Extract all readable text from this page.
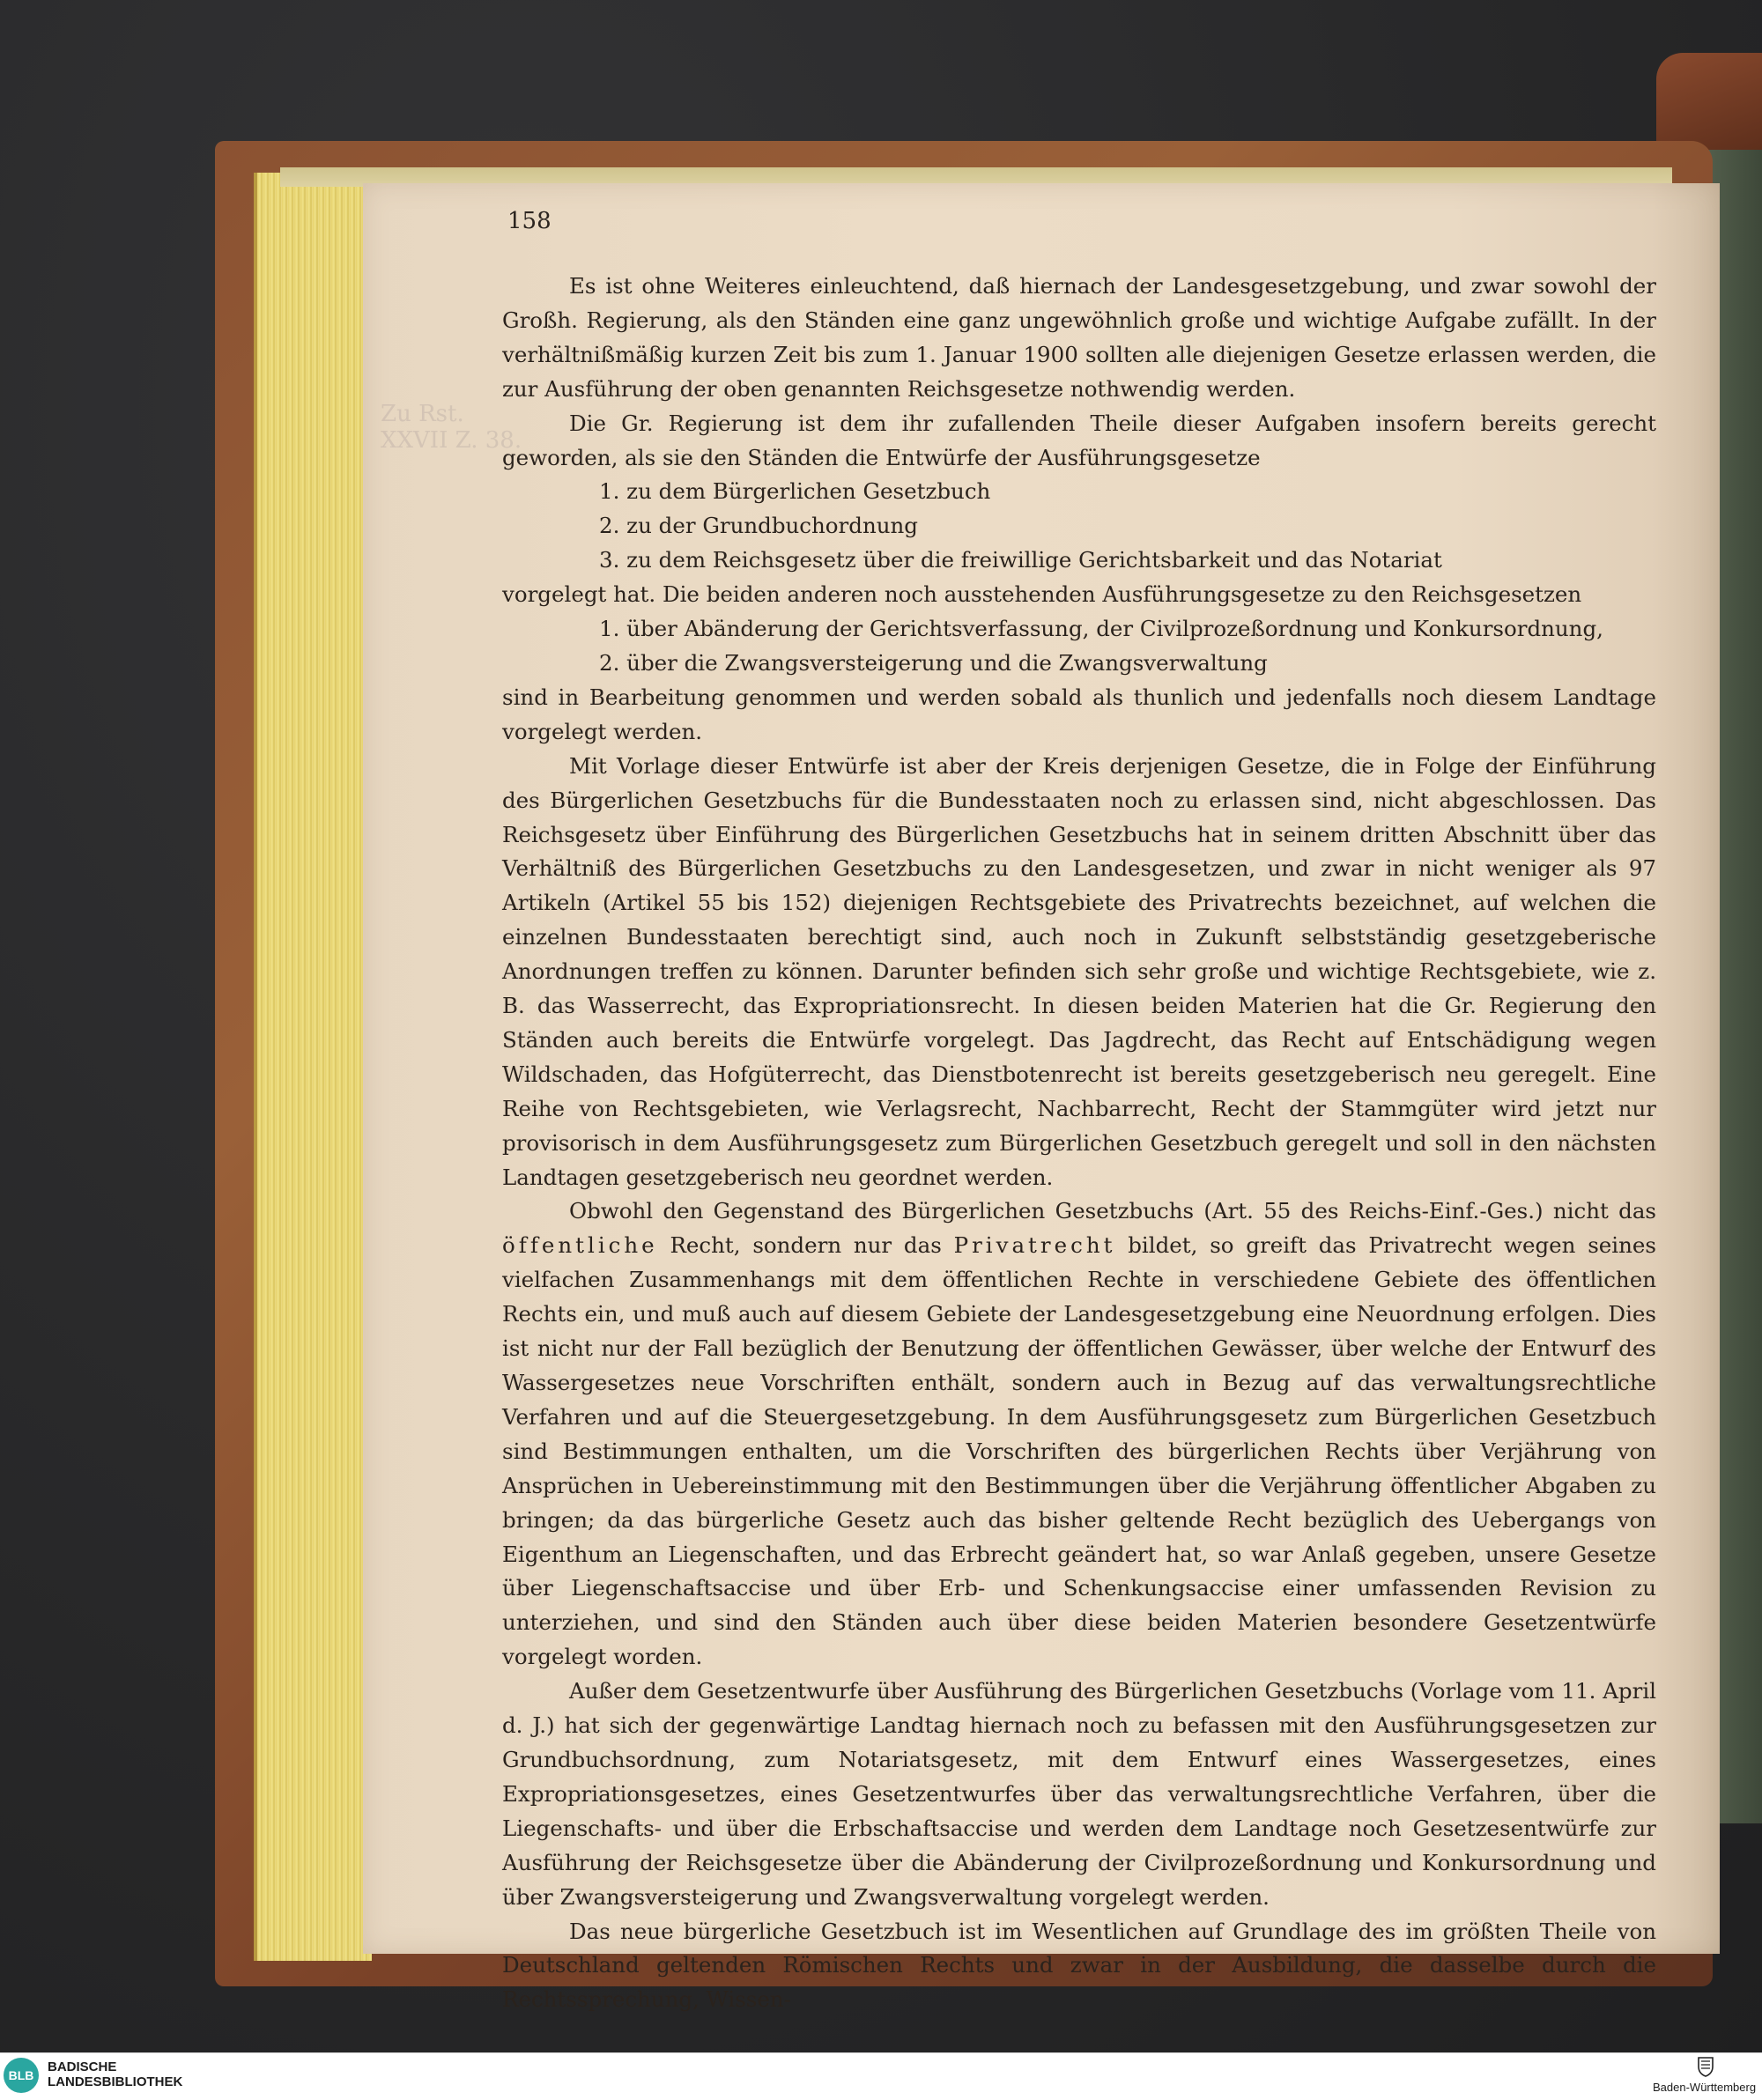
Zu Rst.
XXVII Z. 38.
158

Es ist ohne Weiteres einleuchtend, daß hiernach der Landesgesetzgebung, und zwar sowohl der Großh. Regierung, als den Ständen eine ganz ungewöhnlich große und wichtige Aufgabe zufällt. In der verhältnißmäßig kurzen Zeit bis zum 1. Januar 1900 sollten alle diejenigen Gesetze erlassen werden, die zur Ausführung der oben genannten Reichsgesetze nothwendig werden.

Die Gr. Regierung ist dem ihr zufallenden Theile dieser Aufgaben insofern bereits gerecht geworden, als sie den Ständen die Entwürfe der Ausführungsgesetze

1. zu dem Bürgerlichen Gesetzbuch

2. zu der Grundbuchordnung

3. zu dem Reichsgesetz über die freiwillige Gerichtsbarkeit und das Notariat

vorgelegt hat. Die beiden anderen noch ausstehenden Ausführungsgesetze zu den Reichsgesetzen

1. über Abänderung der Gerichtsverfassung, der Civilprozeßordnung und Konkursordnung,

2. über die Zwangsversteigerung und die Zwangsverwaltung

sind in Bearbeitung genommen und werden sobald als thunlich und jedenfalls noch diesem Landtage vorgelegt werden.

Mit Vorlage dieser Entwürfe ist aber der Kreis derjenigen Gesetze, die in Folge der Einführung des Bürgerlichen Gesetzbuchs für die Bundesstaaten noch zu erlassen sind, nicht abgeschlossen. Das Reichsgesetz über Einführung des Bürgerlichen Gesetzbuchs hat in seinem dritten Abschnitt über das Verhältniß des Bürgerlichen Gesetzbuchs zu den Landesgesetzen, und zwar in nicht weniger als 97 Artikeln (Artikel 55 bis 152) diejenigen Rechtsgebiete des Privatrechts bezeichnet, auf welchen die einzelnen Bundesstaaten berechtigt sind, auch noch in Zukunft selbstständig gesetzgeberische Anordnungen treffen zu können. Darunter befinden sich sehr große und wichtige Rechtsgebiete, wie z. B. das Wasserrecht, das Expropriationsrecht. In diesen beiden Materien hat die Gr. Regierung den Ständen auch bereits die Entwürfe vorgelegt. Das Jagdrecht, das Recht auf Entschädigung wegen Wildschaden, das Hofgüterrecht, das Dienstbotenrecht ist bereits gesetzgeberisch neu geregelt. Eine Reihe von Rechtsgebieten, wie Verlagsrecht, Nachbarrecht, Recht der Stammgüter wird jetzt nur provisorisch in dem Ausführungsgesetz zum Bürgerlichen Gesetzbuch geregelt und soll in den nächsten Landtagen gesetzgeberisch neu geordnet werden.

Obwohl den Gegenstand des Bürgerlichen Gesetzbuchs (Art. 55 des Reichs-Einf.-Ges.) nicht das öffentliche Recht, sondern nur das Privatrecht bildet, so greift das Privatrecht wegen seines vielfachen Zusammenhangs mit dem öffentlichen Rechte in verschiedene Gebiete des öffentlichen Rechts ein, und muß auch auf diesem Gebiete der Landesgesetzgebung eine Neuordnung erfolgen. Dies ist nicht nur der Fall bezüglich der Benutzung der öffentlichen Gewässer, über welche der Entwurf des Wassergesetzes neue Vorschriften enthält, sondern auch in Bezug auf das verwaltungsrechtliche Verfahren und auf die Steuergesetzgebung. In dem Ausführungsgesetz zum Bürgerlichen Gesetzbuch sind Bestimmungen enthalten, um die Vorschriften des bürgerlichen Rechts über Verjährung von Ansprüchen in Uebereinstimmung mit den Bestimmungen über die Verjährung öffentlicher Abgaben zu bringen; da das bürgerliche Gesetz auch das bisher geltende Recht bezüglich des Uebergangs von Eigenthum an Liegenschaften, und das Erbrecht geändert hat, so war Anlaß gegeben, unsere Gesetze über Liegenschaftsaccise und über Erb- und Schenkungsaccise einer umfassenden Revision zu unterziehen, und sind den Ständen auch über diese beiden Materien besondere Gesetzentwürfe vorgelegt worden.

Außer dem Gesetzentwurfe über Ausführung des Bürgerlichen Gesetzbuchs (Vorlage vom 11. April d. J.) hat sich der gegenwärtige Landtag hiernach noch zu befassen mit den Ausführungsgesetzen zur Grundbuchsordnung, zum Notariatsgesetz, mit dem Entwurf eines Wassergesetzes, eines Expropriationsgesetzes, eines Gesetzentwurfes über das verwaltungsrechtliche Verfahren, über die Liegenschafts- und über die Erbschaftsaccise und werden dem Landtage noch Gesetzesentwürfe zur Ausführung der Reichsgesetze über die Abänderung der Civilprozeßordnung und Konkursordnung und über Zwangsversteigerung und Zwangsverwaltung vorgelegt werden.

Das neue bürgerliche Gesetzbuch ist im Wesentlichen auf Grundlage des im größten Theile von Deutschland geltenden Römischen Rechts und zwar in der Ausbildung, die dasselbe durch die Rechtssprechung, Wissen-

BLB
BADISCHE
LANDESBIBLIOTHEK	Baden-Württemberg
